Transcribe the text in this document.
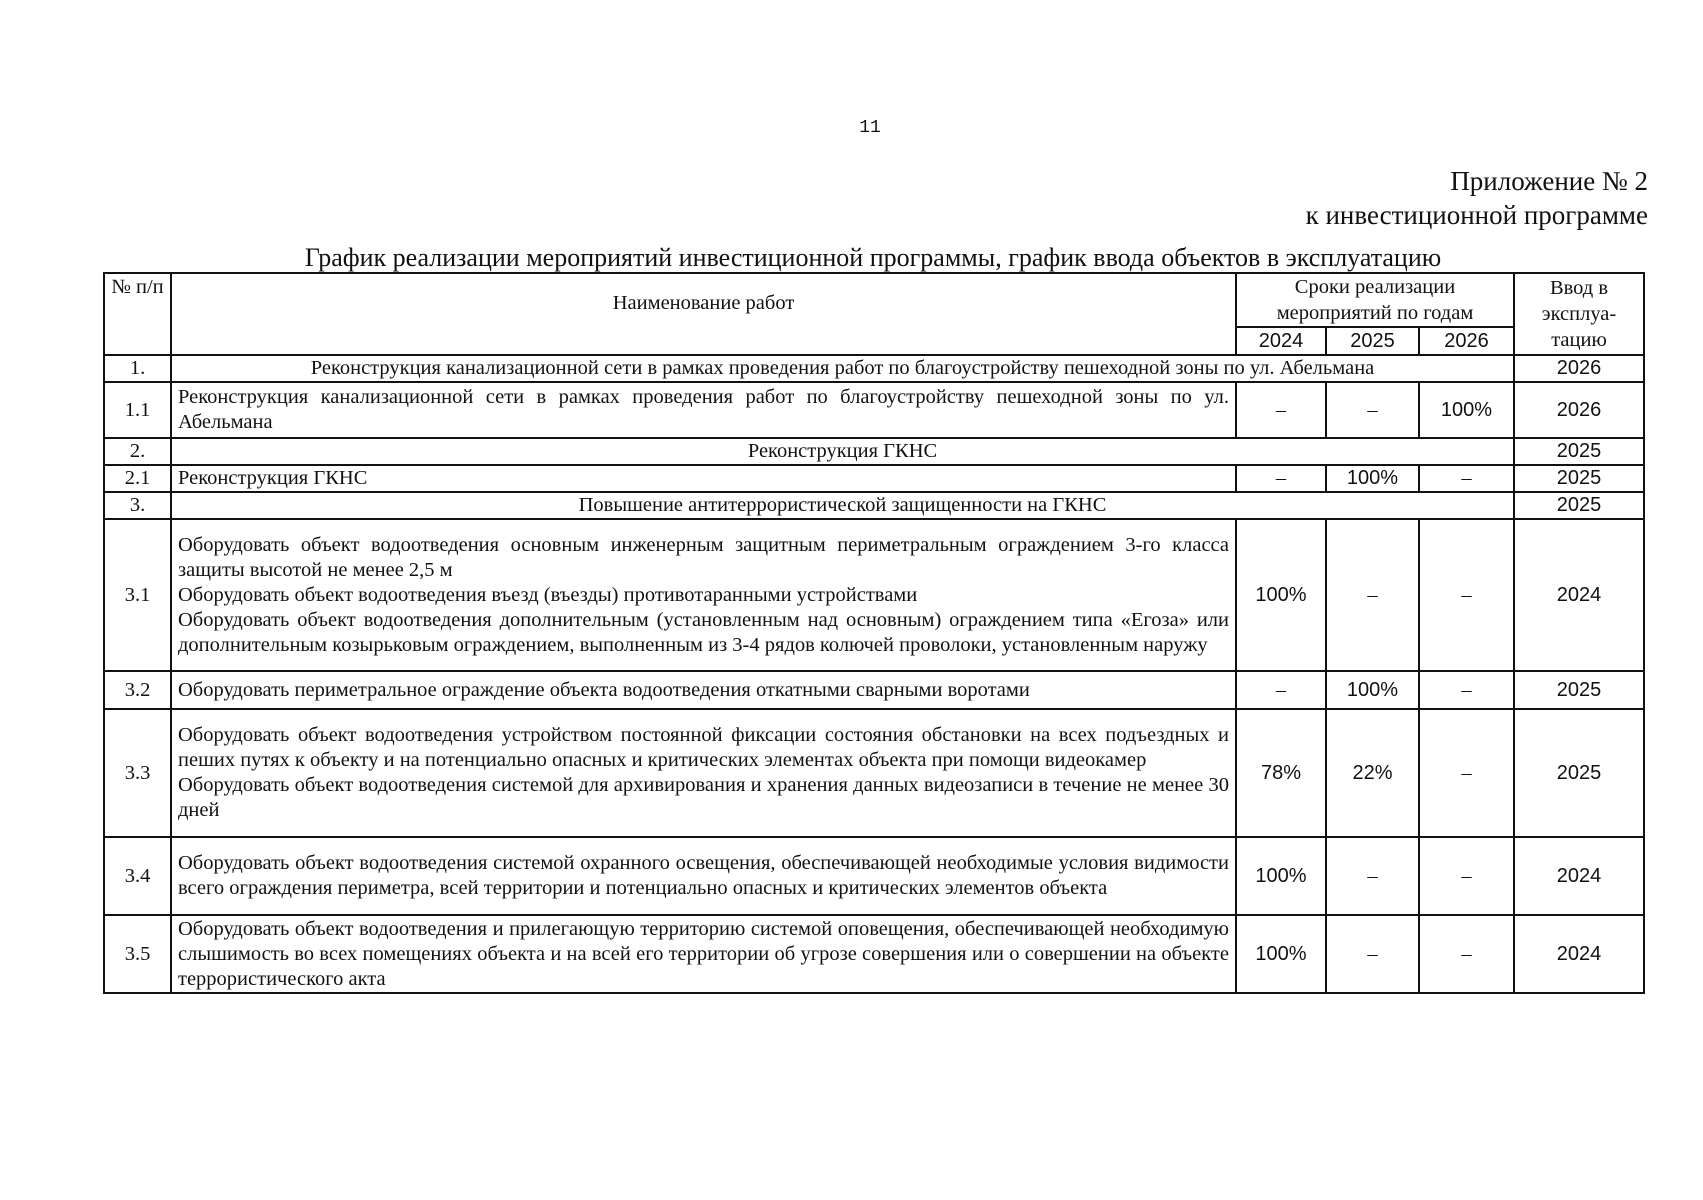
11
Приложение № 2
к инвестиционной программе
График реализации мероприятий инвестиционной программы, график ввода объектов в эксплуатацию
№ п/п	Наименование работ	Сроки реализации мероприятий по годам			Ввод в эксплуа-тацию
		2024	2025	2026	
1.	Реконструкция канализационной сети в рамках проведения работ по благоустройству пешеходной зоны по ул. Абельмана				2026
1.1	Реконструкция канализационной сети в рамках проведения работ по благоустройству пешеходной зоны по ул. Абельмана	–	–	100%	2026
2.	Реконструкция ГКНС				2025
2.1	Реконструкция ГКНС	–	100%	–	2025
3.	Повышение антитеррористической защищенности на ГКНС				2025
3.1	Оборудовать объект водоотведения основным инженерным защитным периметральным ограждением 3-го класса защиты высотой не менее 2,5 м
Оборудовать объект водоотведения въезд (въезды) противотаранными устройствами
Оборудовать объект водоотведения дополнительным (установленным над основным) ограждением типа «Егоза» или дополнительным козырьковым ограждением, выполненным из 3-4 рядов колючей проволоки, установленным наружу	100%	–	–	2024
3.2	Оборудовать периметральное ограждение объекта водоотведения откатными сварными воротами	–	100%	–	2025
3.3	Оборудовать объект водоотведения устройством постоянной фиксации состояния обстановки на всех подъездных и пеших путях к объекту и на потенциально опасных и критических элементах объекта при помощи видеокамер
Оборудовать объект водоотведения системой для архивирования и хранения данных видеозаписи в течение не менее 30 дней	78%	22%	–	2025
3.4	Оборудовать объект водоотведения системой охранного освещения, обеспечивающей необходимые условия видимости всего ограждения периметра, всей территории и потенциально опасных и критических элементов объекта	100%	–	–	2024
3.5	Оборудовать объект водоотведения и прилегающую территорию системой оповещения, обеспечивающей необходимую слышимость во всех помещениях объекта и на всей его территории об угрозе совершения или о совершении на объекте террористического акта	100%	–	–	2024
